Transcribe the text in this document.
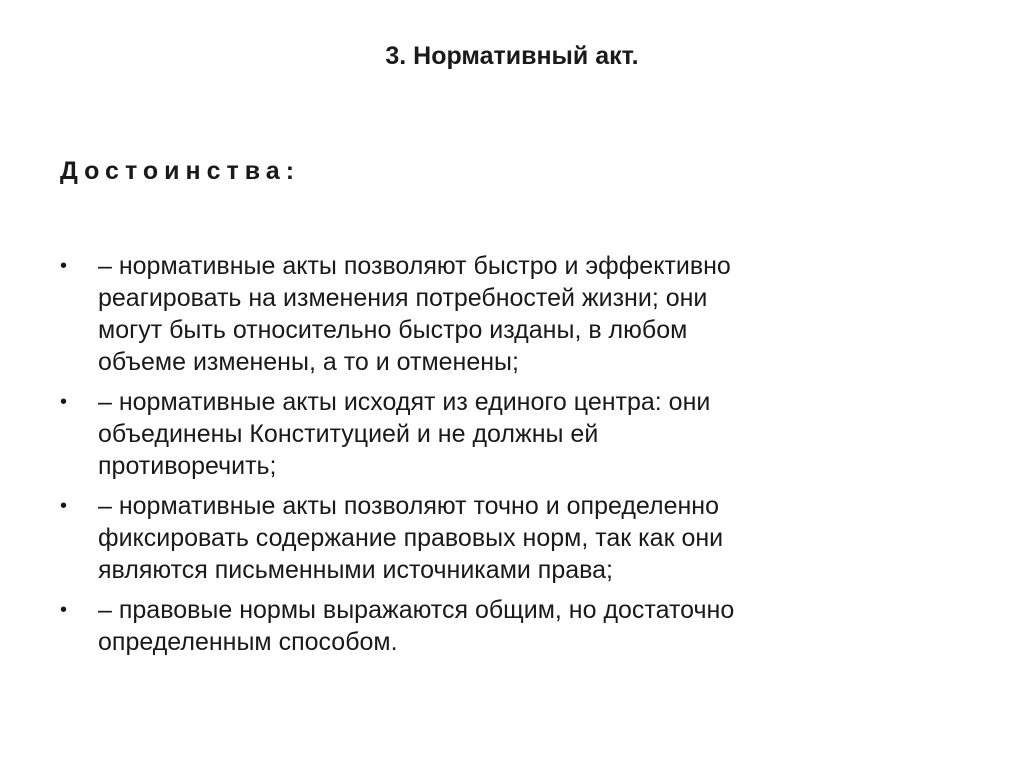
3. Нормативный акт.
Достоинства:
•	– нормативные акты позволяют быстро и эффективно
реагировать на изменения потребностей жизни; они
могут быть относительно быстро изданы, в любом
объеме изменены, а то и отменены;
•	– нормативные акты исходят из единого центра: они
объединены Конституцией и не должны ей
противоречить;
•	– нормативные акты позволяют точно и определенно
фиксировать содержание правовых норм, так как они
являются письменными источниками права;
•	– правовые нормы выражаются общим, но достаточно
определенным способом.
